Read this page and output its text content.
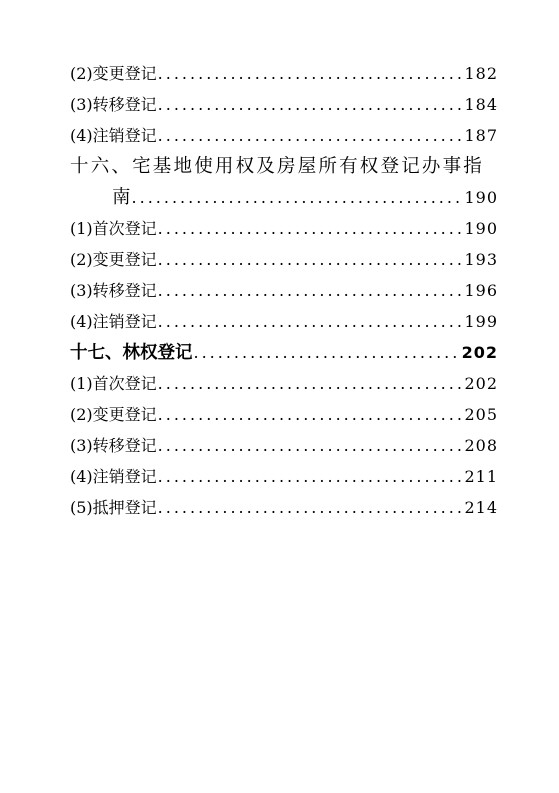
(2)变更登记 .....	182
(3)转移登记 .....	184
(4)注销登记 .....	187
十六、宅基地使用权及房屋所有权登记办事指
南 .....	190
(1)首次登记 .....	190
(2)变更登记 .....	193
(3)转移登记 .....	196
(4)注销登记 .....	199
十七、林权登记 .....	202
(1)首次登记 .....	202
(2)变更登记 .....	205
(3)转移登记 .....	208
(4)注销登记 .....	211
(5)抵押登记 .....	214
